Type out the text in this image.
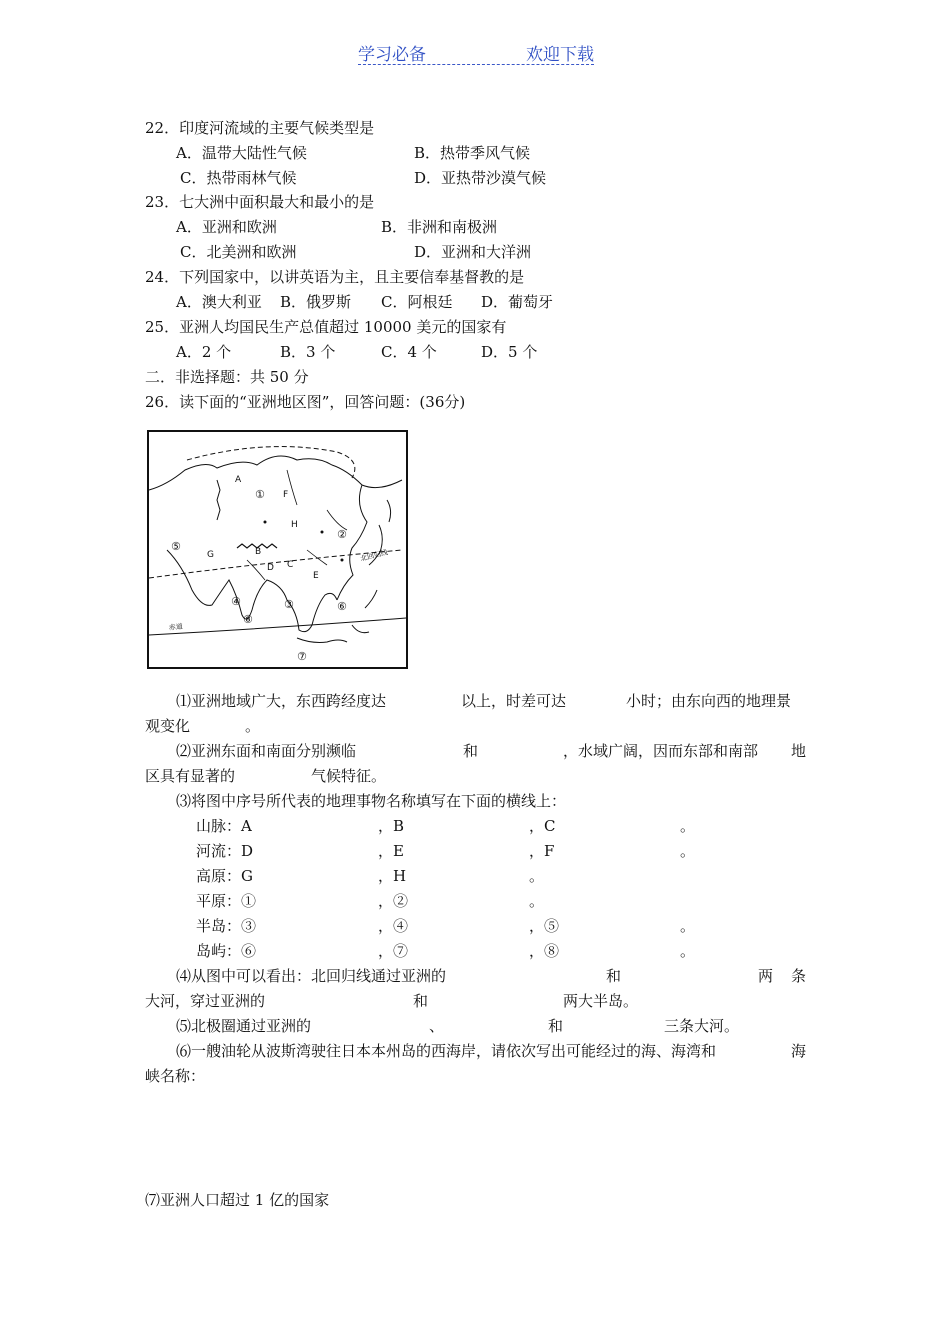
学习必备	欢迎下载
22．印度河流域的主要气候类型是
A．温带大陆性气候	B．热带季风气候
C．热带雨林气候	D．亚热带沙漠气候
23．七大洲中面积最大和最小的是
A．亚洲和欧洲	B．非洲和南极洲
C．北美洲和欧洲	D．亚洲和大洋洲
24．下列国家中，以讲英语为主，且主要信奉基督教的是
A．澳大利亚 B．俄罗斯 C．阿根廷 D．葡萄牙
25．亚洲人均国民生产总值超过 10000 美元的国家有
A．2 个	B．3 个	C．4 个	D．5 个
二．非选择题：共 50 分
26．读下面的“亚洲地区图”，回答问题：(36分)
A
B
C
D
E
F
G
H
①
②
③
④
⑤
⑥
⑦
⑧
北回归线
赤道
⑴亚洲地域广大，东西跨经度达	以上，时差可达	小时；由东向西的地理景
观变化	。
⑵亚洲东面和南面分别濒临	和	，水域广阔，因而东部和南部 地
区具有显著的	气候特征。
⑶将图中序号所代表的地理事物名称填写在下面的横线上：
山脉：A	，B	，C	。
河流：D	，E	，F	。
高原：G	，H	。
平原：①	，②	。
半岛：③	，④	，⑤	。
岛屿：⑥	，⑦	，⑧	。
⑷从图中可以看出：北回归线通过亚洲的	和	两 条
大河，穿过亚洲的	和	两大半岛。
⑸北极圈通过亚洲的	、	和	三条大河。
⑹一艘油轮从波斯湾驶往日本本州岛的西海岸，请依次写出可能经过的海、海湾和	海
峡名称：
⑺亚洲人口超过 1 亿的国家
